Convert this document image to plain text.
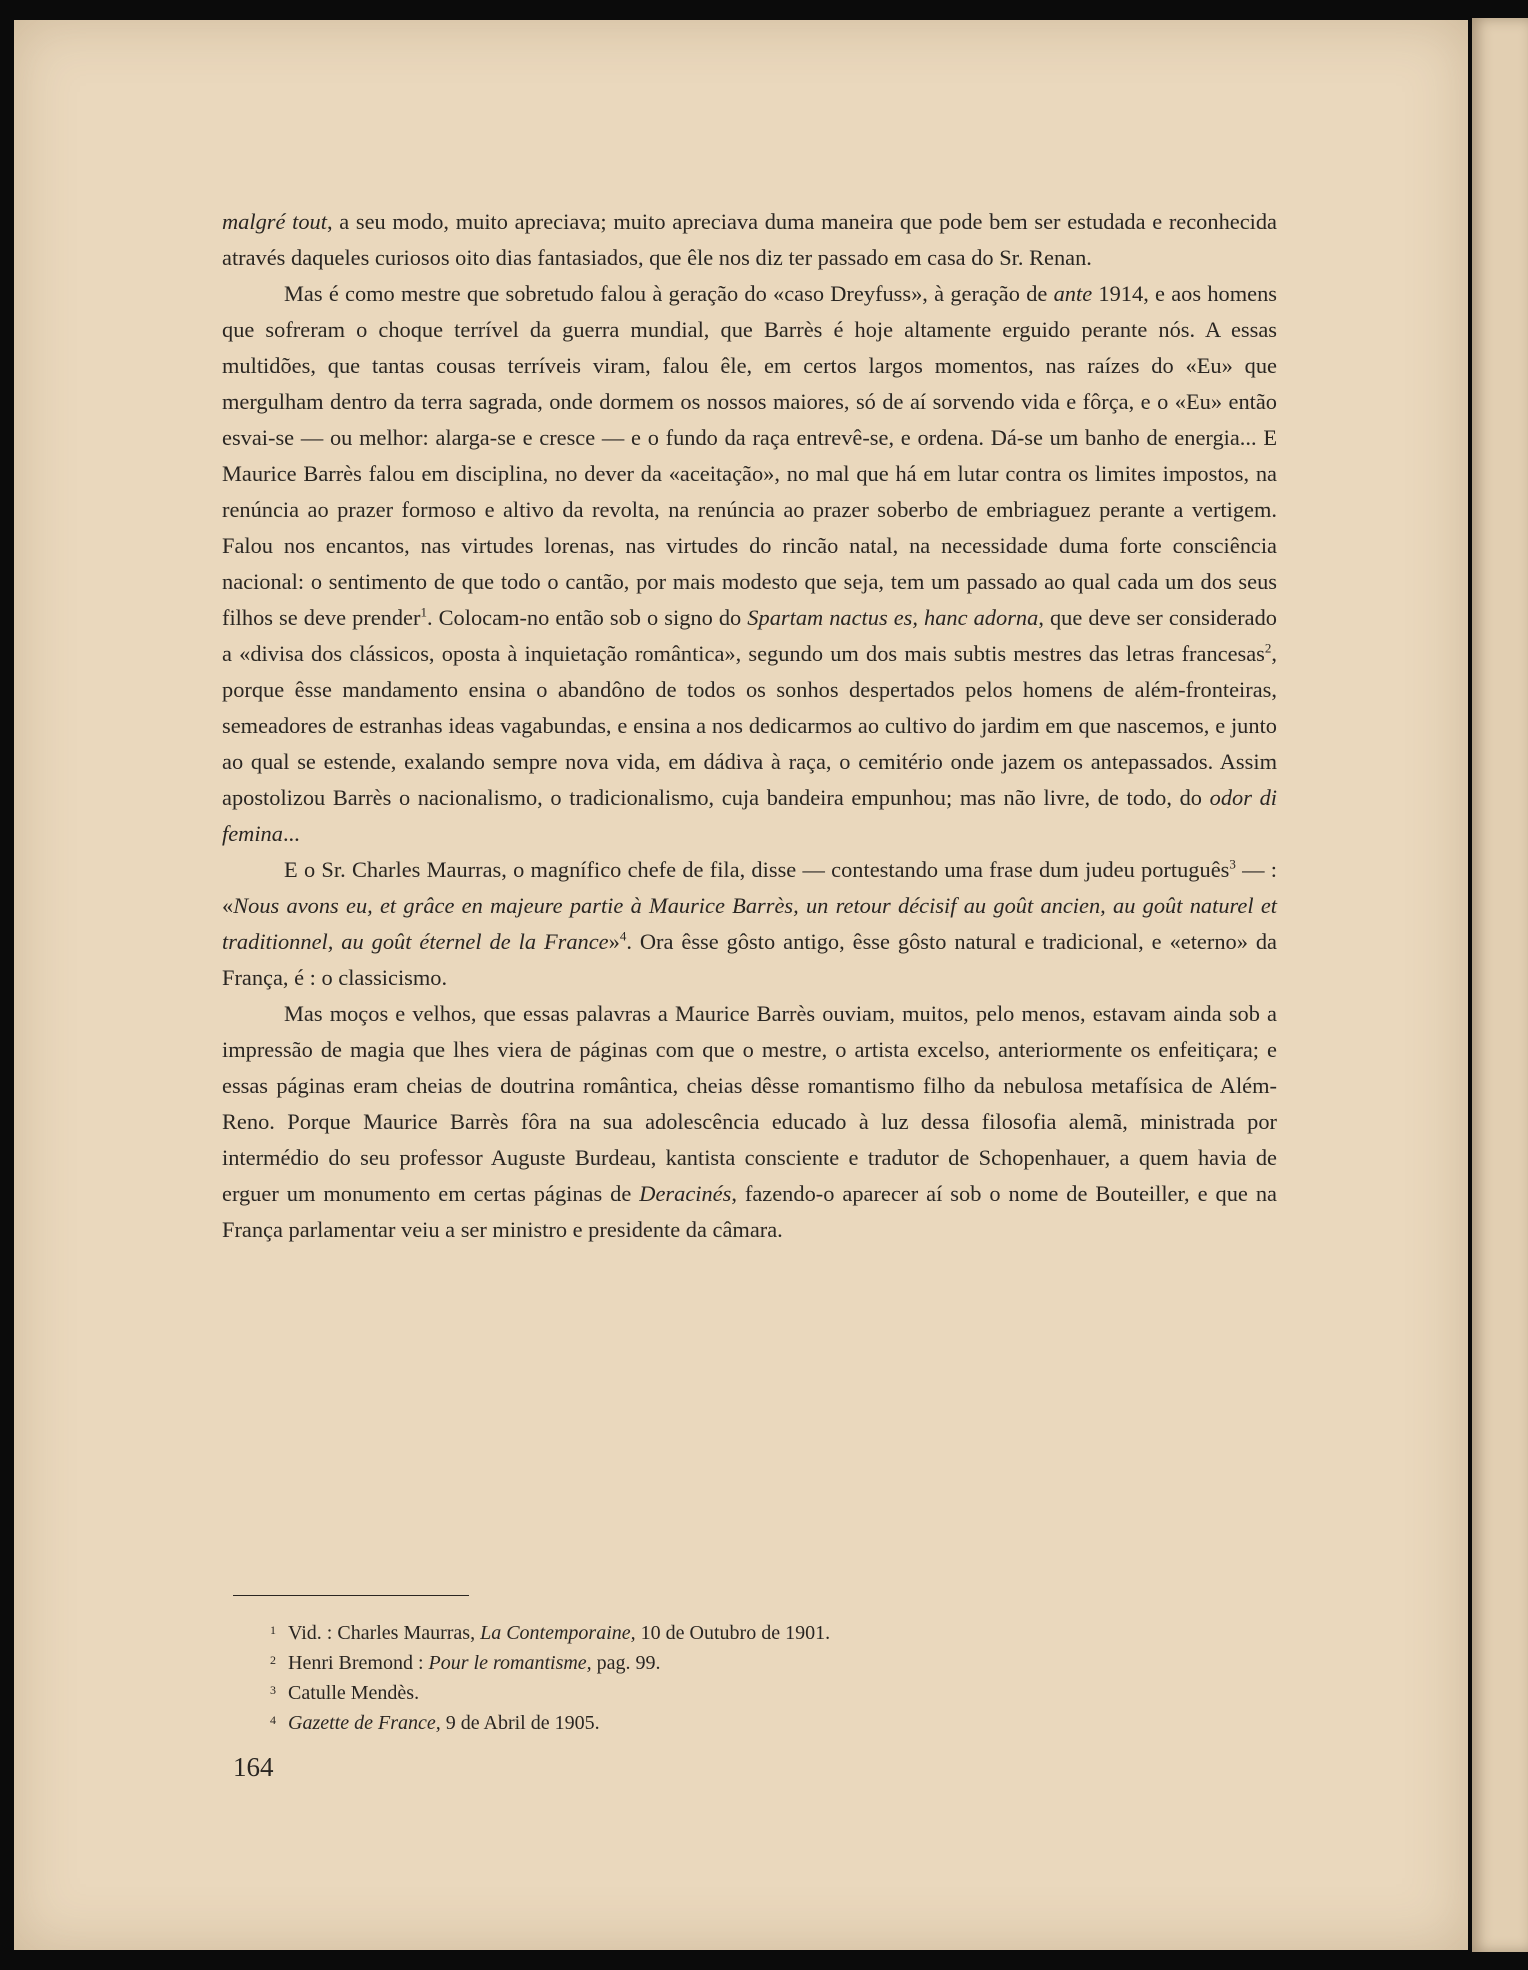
malgré tout, a seu modo, muito apreciava; muito apreciava duma maneira que pode bem ser estudada e reconhecida através daqueles curiosos oito dias fantasiados, que êle nos diz ter passado em casa do Sr. Renan.

Mas é como mestre que sobretudo falou à geração do «caso Dreyfuss», à geração de ante 1914, e aos homens que sofreram o choque terrível da guerra mundial, que Barrès é hoje altamente erguido perante nós. A essas multidões, que tantas cousas terríveis viram, falou êle, em certos largos momentos, nas raízes do «Eu» que mergulham dentro da terra sagrada, onde dormem os nossos maiores, só de aí sorvendo vida e fôrça, e o «Eu» então esvai-se — ou melhor: alarga-se e cresce — e o fundo da raça entrevê-se, e ordena. Dá-se um banho de energia... E Maurice Barrès falou em disciplina, no dever da «aceitação», no mal que há em lutar contra os limites impostos, na renúncia ao prazer formoso e altivo da revolta, na renúncia ao prazer soberbo de embriaguez perante a vertigem. Falou nos encantos, nas virtudes lorenas, nas virtudes do rincão natal, na necessidade duma forte consciência nacional: o sentimento de que todo o cantão, por mais modesto que seja, tem um passado ao qual cada um dos seus filhos se deve prender$^1$. Colocam-no então sob o signo do Spartam nactus es, hanc adorna, que deve ser considerado a «divisa dos clássicos, oposta à inquietação romântica», segundo um dos mais subtis mestres das letras francesas$^2$, porque êsse mandamento ensina o abandôno de todos os sonhos despertados pelos homens de além-fronteiras, semeadores de estranhas ideas vagabundas, e ensina a nos dedicarmos ao cultivo do jardim em que nascemos, e junto ao qual se estende, exalando sempre nova vida, em dádiva à raça, o cemitério onde jazem os antepassados. Assim apostolizou Barrès o nacionalismo, o tradicionalismo, cuja bandeira empunhou; mas não livre, de todo, do odor di femina...

E o Sr. Charles Maurras, o magnífico chefe de fila, disse — contestando uma frase dum judeu português$^3$ — : «Nous avons eu, et grâce en majeure partie à Maurice Barrès, un retour décisif au goût ancien, au goût naturel et traditionnel, au goût éternel de la France»$^4$. Ora êsse gôsto antigo, êsse gôsto natural e tradicional, e «eterno» da França, é : o classicismo.

Mas moços e velhos, que essas palavras a Maurice Barrès ouviam, muitos, pelo menos, estavam ainda sob a impressão de magia que lhes viera de páginas com que o mestre, o artista excelso, anteriormente os enfeitiçara; e essas páginas eram cheias de doutrina romântica, cheias dêsse romantismo filho da nebulosa metafísica de Além-Reno. Porque Maurice Barrès fôra na sua adolescência educado à luz dessa filosofia alemã, ministrada por intermédio do seu professor Auguste Burdeau, kantista consciente e tradutor de Schopenhauer, a quem havia de erguer um monumento em certas páginas de Deracinés, fazendo-o aparecer aí sob o nome de Bouteiller, e que na França parlamentar veiu a ser ministro e presidente da câmara.

1 Vid. : Charles Maurras, La Contemporaine, 10 de Outubro de 1901.

2 Henri Bremond : Pour le romantisme, pag. 99.

3 Catulle Mendès.

4 Gazette de France, 9 de Abril de 1905.

164
